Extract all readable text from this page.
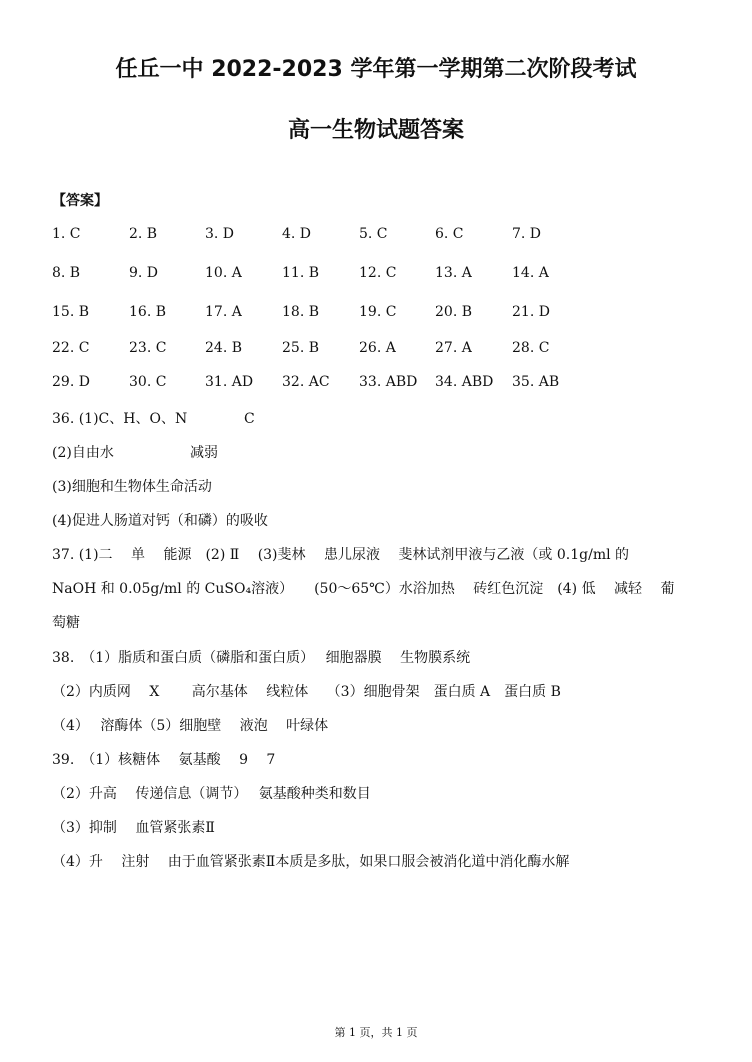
任丘一中 2022-2023 学年第一学期第二次阶段考试
高一生物试题答案
【答案】
1. C	2. B	3. D	4. D	5. C	6. C	7. D
8. B	9. D	10. A	11. B	12. C	13. A	14. A
15. B	16. B	17. A	18. B	19. C	20. B	21. D
22. C	23. C	24. B	25. B	26. A	27. A	28. C
29. D	30. C	31. AD 32. AC 33. ABD 34. ABD 35. AB
36. (1)C、H、O、N	C
(2)自由水	减弱
(3)细胞和生物体生命活动
(4)促进人肠道对钙（和磷）的吸收
37. (1)二　 单　 能源　(2) Ⅱ　 (3)斐林　 患儿尿液　 斐林试剂甲液与乙液（或 0.1g/ml 的
NaOH 和 0.05g/ml 的 CuSO₄溶液）　　(50～65℃）水浴加热　 砖红色沉淀　(4) 低　 减轻　 葡
萄糖
38.　（1）脂质和蛋白质（磷脂和蛋白质）　 细胞器膜　 生物膜系统
（2）内质网　 X　　 高尔基体　 线粒体　 （3）细胞骨架　蛋白质 A　蛋白质 B
（4）　 溶酶体（5）细胞壁　 液泡　 叶绿体
39.　（1）核糖体　 氨基酸　 9　 7
（2）升高　 传递信息（调节）　 氨基酸种类和数目
（3）抑制　 血管紧张素Ⅱ
（4）升　 注射　 由于血管紧张素Ⅱ本质是多肽，如果口服会被消化道中消化酶水解
第 1 页，共 1 页
